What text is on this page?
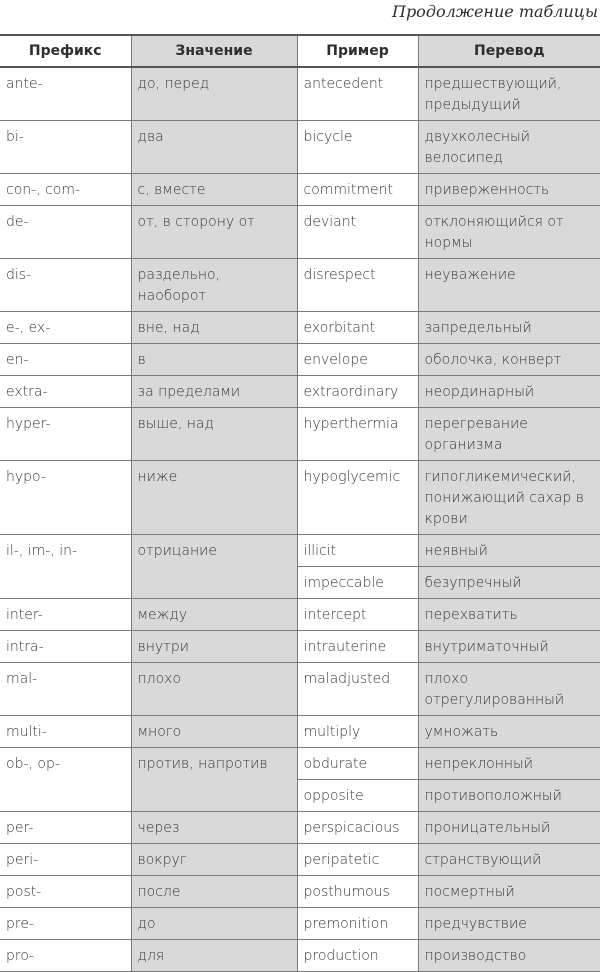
Продолжение таблицы
Префикс	Значение	Пример	Перевод
ante-	до, перед	antecedent	предшествующий, предыдущий
bi-	два	bicycle	двухколесный велосипед
con-, com-	с, вместе	commitment	приверженность
de-	от, в сторону от	deviant	отклоняющийся от нормы
dis-	раздельно, наоборот	disrespect	неуважение
e-, ex-	вне, над	exorbitant	запредельный
en-	в	envelope	оболочка, конверт
extra-	за пределами	extraordinary	неординарный
hyper-	выше, над	hyperthermia	перегревание организма
hypo-	ниже	hypoglycemic	гипогликемический, понижающий сахар в крови
il-, im-, in-	отрицание	illicit	неявный
		impeccable	безупречный
inter-	между	intercept	перехватить
intra-	внутри	intrauterine	внутриматочный
mal-	плохо	maladjusted	плохо отрегулированный
multi-	много	multiply	умножать
ob-, op-	против, напротив	obdurate	непреклонный
		opposite	противоположный
per-	через	perspicacious	проницательный
peri-	вокруг	peripatetic	странствующий
post-	после	posthumous	посмертный
pre-	до	premonition	предчувствие
pro-	для	production	производство
